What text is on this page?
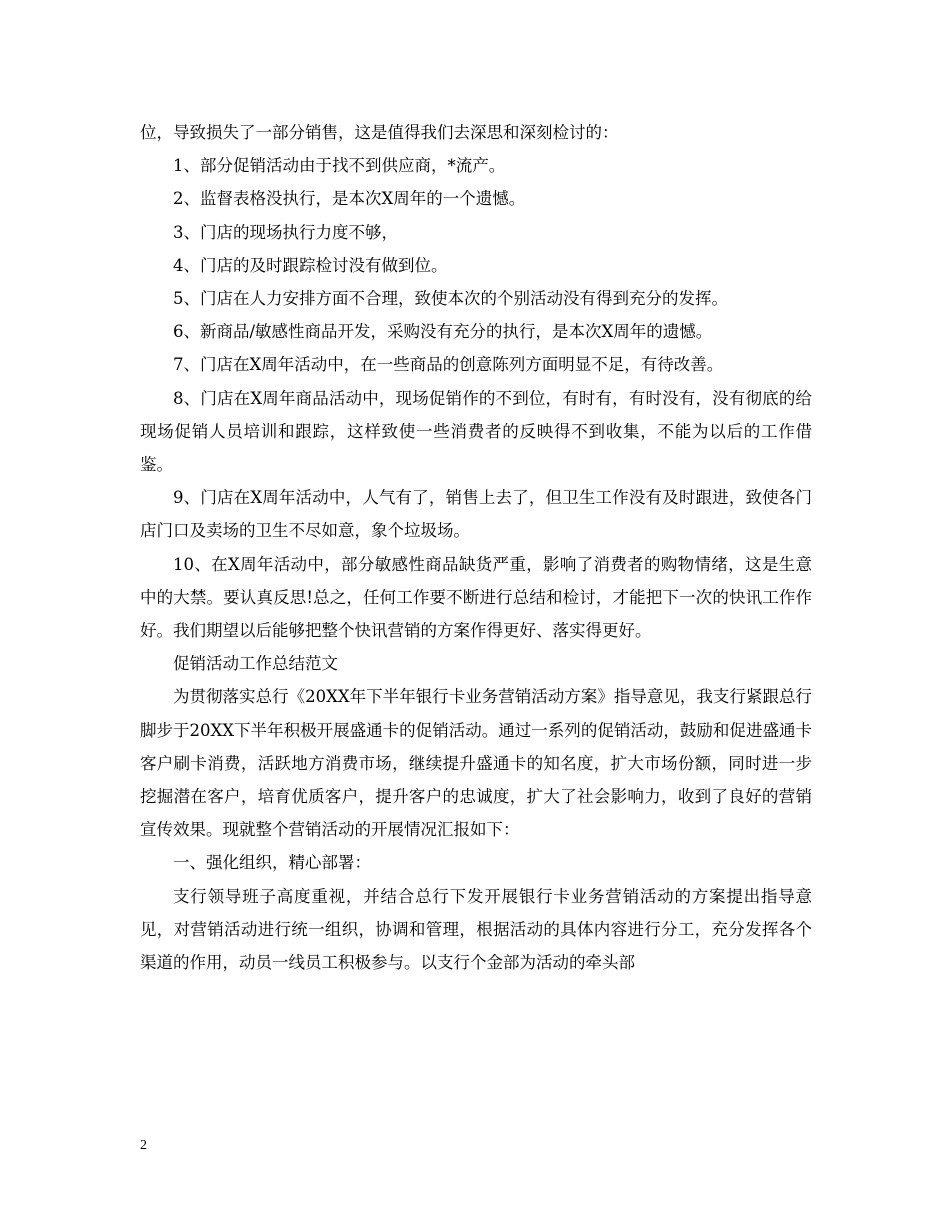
位，导致损失了一部分销售，这是值得我们去深思和深刻检讨的：

1、部分促销活动由于找不到供应商，*流产。

2、监督表格没执行，是本次X周年的一个遗憾。

3、门店的现场执行力度不够，

4、门店的及时跟踪检讨没有做到位。

5、门店在人力安排方面不合理，致使本次的个别活动没有得到充分的发挥。

6、新商品/敏感性商品开发，采购没有充分的执行，是本次X周年的遗憾。

7、门店在X周年活动中，在一些商品的创意陈列方面明显不足，有待改善。

8、门店在X周年商品活动中，现场促销作的不到位，有时有，有时没有，没有彻底的给现场促销人员培训和跟踪，这样致使一些消费者的反映得不到收集，不能为以后的工作借鉴。

9、门店在X周年活动中，人气有了，销售上去了，但卫生工作没有及时跟进，致使各门店门口及卖场的卫生不尽如意，象个垃圾场。

10、在X周年活动中，部分敏感性商品缺货严重，影响了消费者的购物情绪，这是生意中的大禁。要认真反思!总之，任何工作要不断进行总结和检讨，才能把下一次的快讯工作作好。我们期望以后能够把整个快讯营销的方案作得更好、落实得更好。

促销活动工作总结范文

为贯彻落实总行《20XX年下半年银行卡业务营销活动方案》指导意见，我支行紧跟总行脚步于20XX下半年积极开展盛通卡的促销活动。通过一系列的促销活动，鼓励和促进盛通卡客户刷卡消费，活跃地方消费市场，继续提升盛通卡的知名度，扩大市场份额，同时进一步挖掘潜在客户，培育优质客户，提升客户的忠诚度，扩大了社会影响力，收到了良好的营销宣传效果。现就整个营销活动的开展情况汇报如下：

一、强化组织，精心部署：

支行领导班子高度重视，并结合总行下发开展银行卡业务营销活动的方案提出指导意见，对营销活动进行统一组织，协调和管理，根据活动的具体内容进行分工，充分发挥各个渠道的作用，动员一线员工积极参与。以支行个金部为活动的牵头部

2
